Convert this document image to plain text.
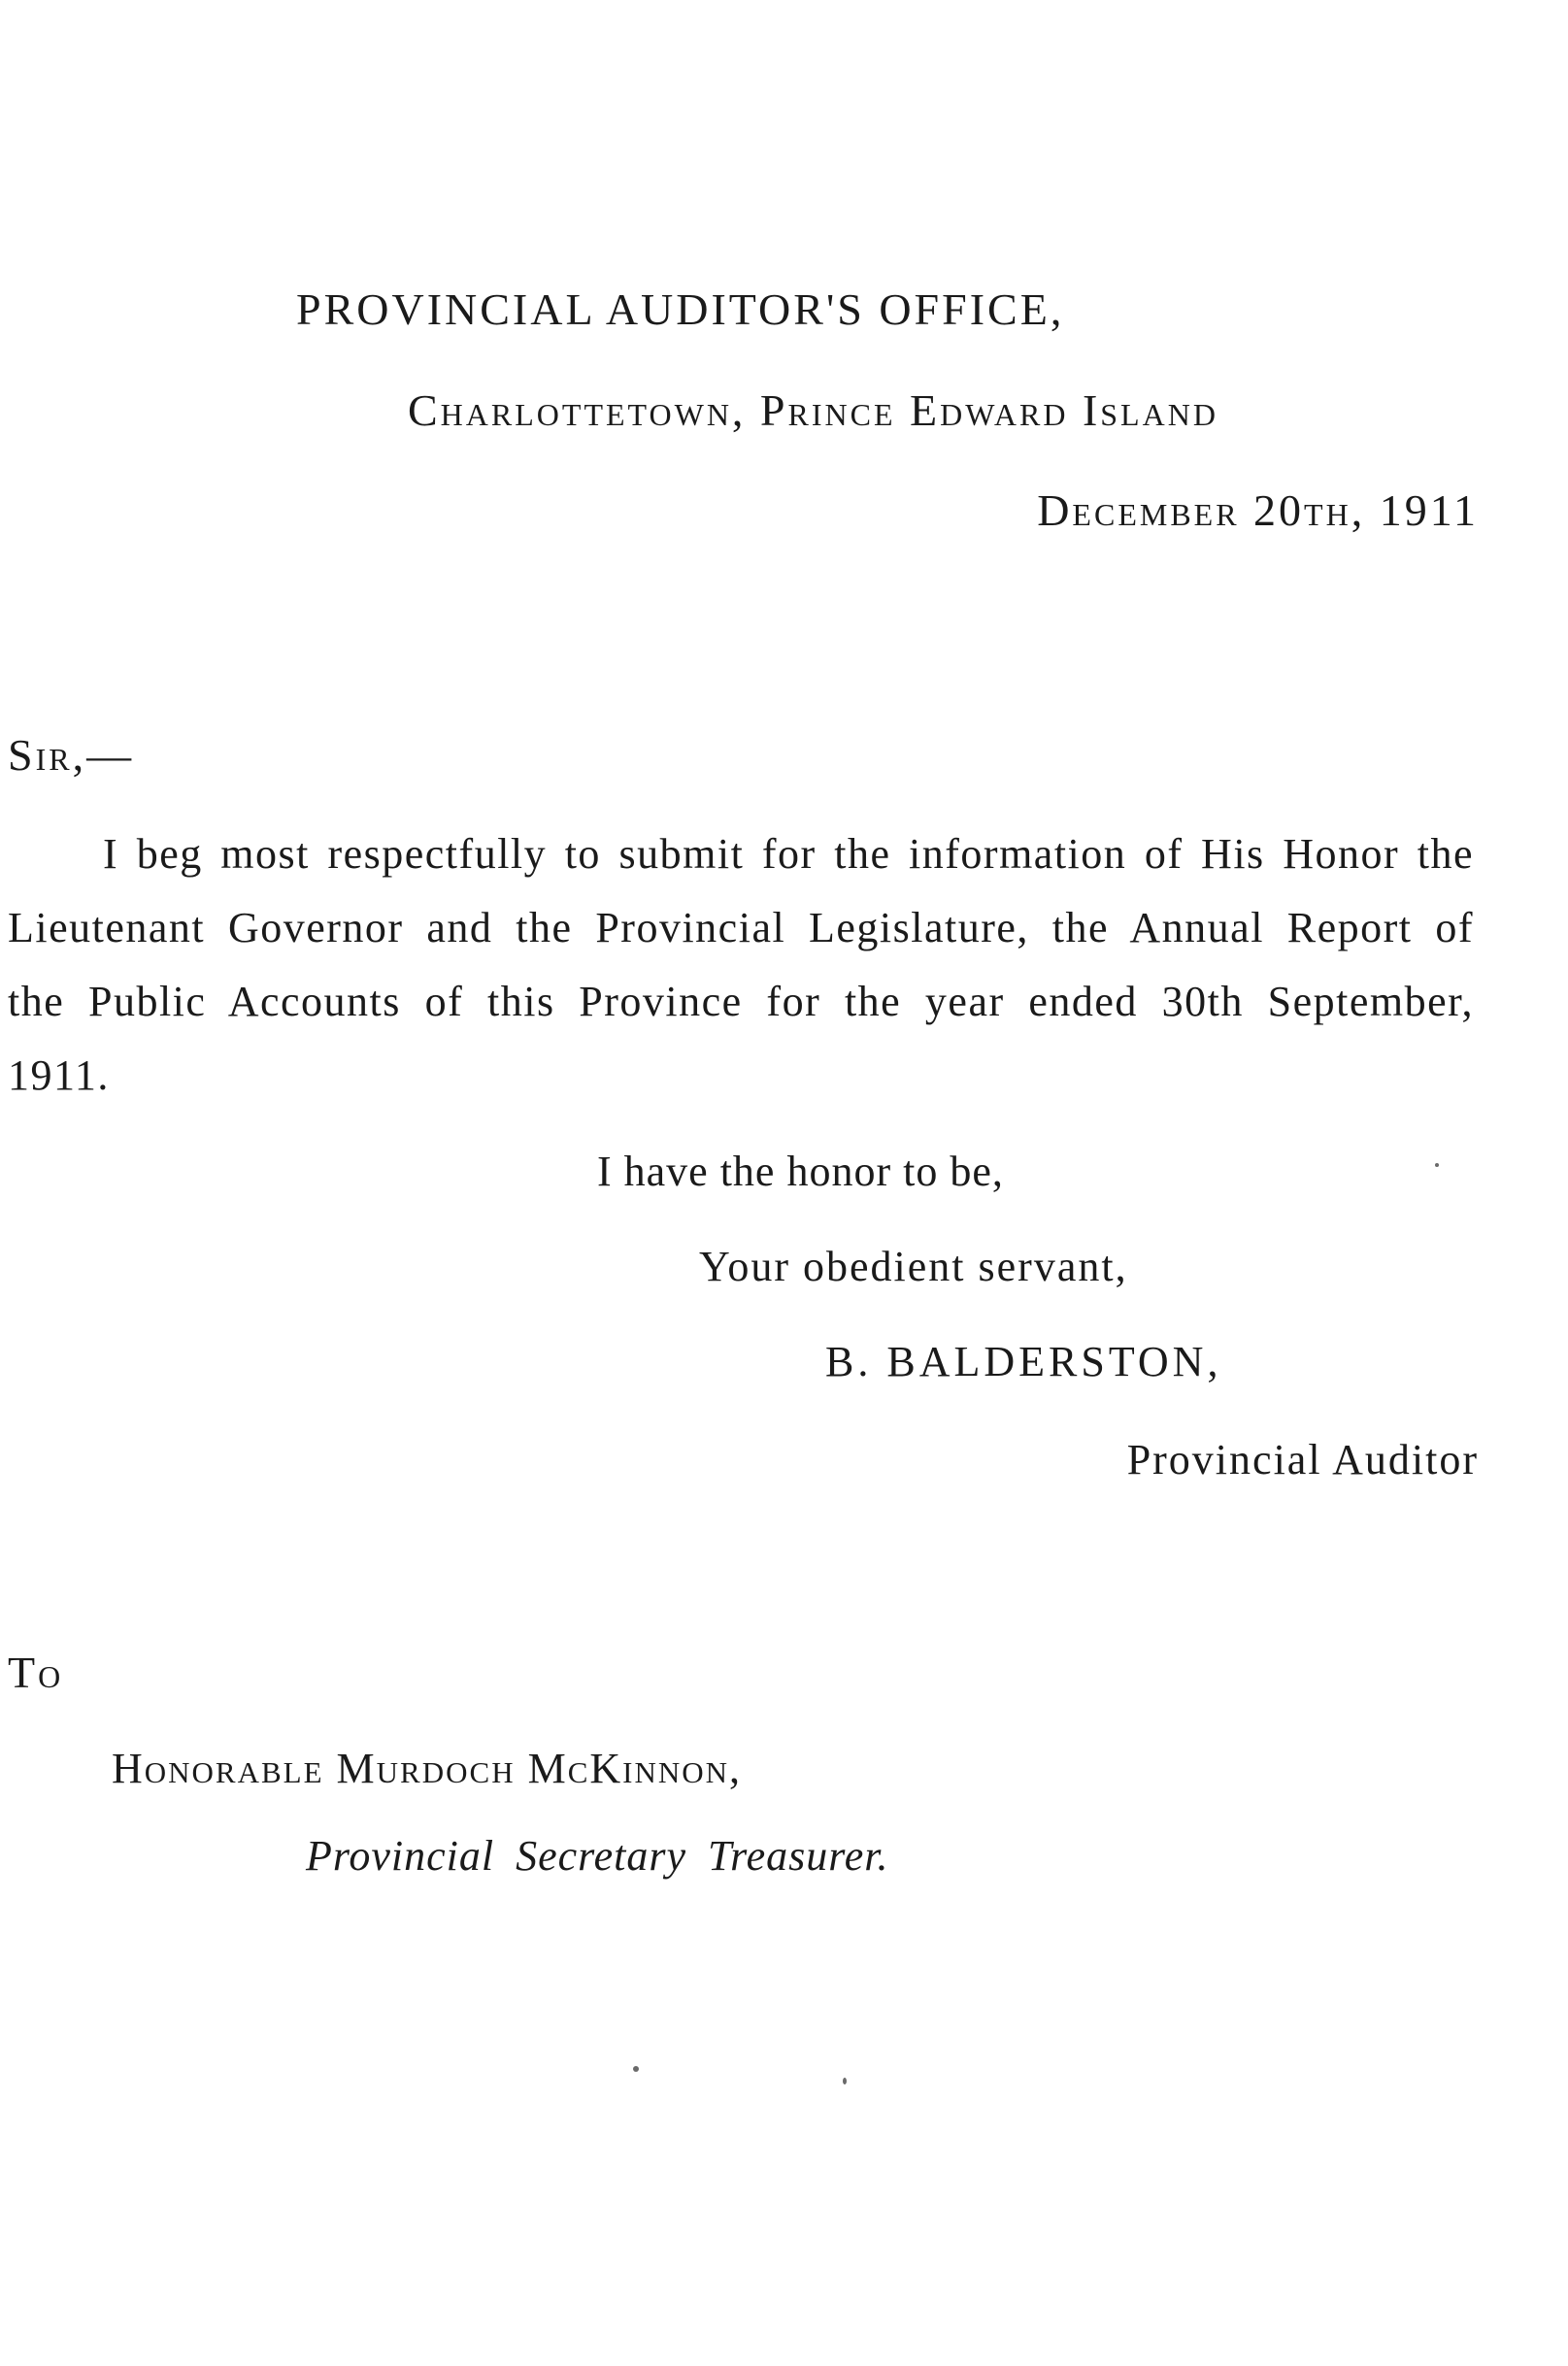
PROVINCIAL AUDITOR'S OFFICE,
Charlottetown, Prince Edward Island
December 20th, 1911
Sir,—
I beg most respectfully to submit for the information of His Honor the Lieutenant Governor and the Provincial Legislature, the Annual Report of the Public Accounts of this Province for the year ended 30th September, 1911.
I have the honor to be,
Your obedient servant,
B. BALDERSTON,
Provincial Auditor
To
Honorable Murdoch McKinnon,
Provincial Secretary Treasurer.
